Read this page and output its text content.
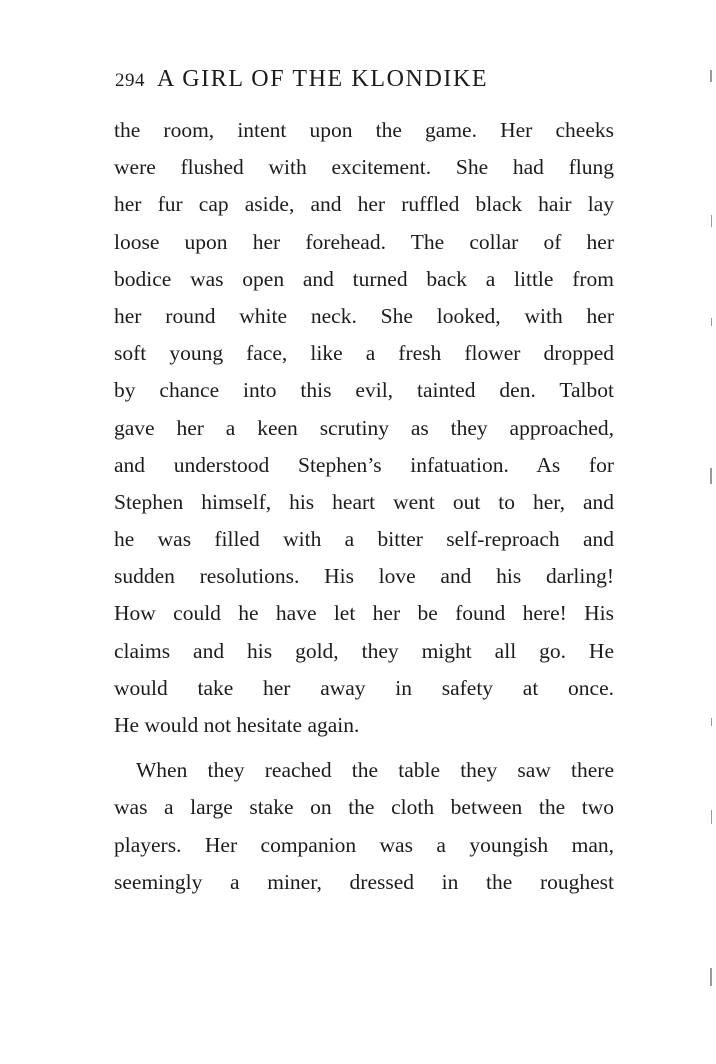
294 A GIRL OF THE KLONDIKE
the room, intent upon the game. Her cheeks
were flushed with excitement. She had flung
her fur cap aside, and her ruffled black hair lay
loose upon her forehead. The collar of her
bodice was open and turned back a little from
her round white neck. She looked, with her
soft young face, like a fresh flower dropped
by chance into this evil, tainted den. Talbot
gave her a keen scrutiny as they approached,
and understood Stephen’s infatuation. As for
Stephen himself, his heart went out to her, and
he was filled with a bitter self-reproach and
sudden resolutions. His love and his darling!
How could he have let her be found here! His
claims and his gold, they might all go. He
would take her away in safety at once.
He would not hesitate again.
When they reached the table they saw there
was a large stake on the cloth between the two
players. Her companion was a youngish man,
seemingly a miner, dressed in the roughest
